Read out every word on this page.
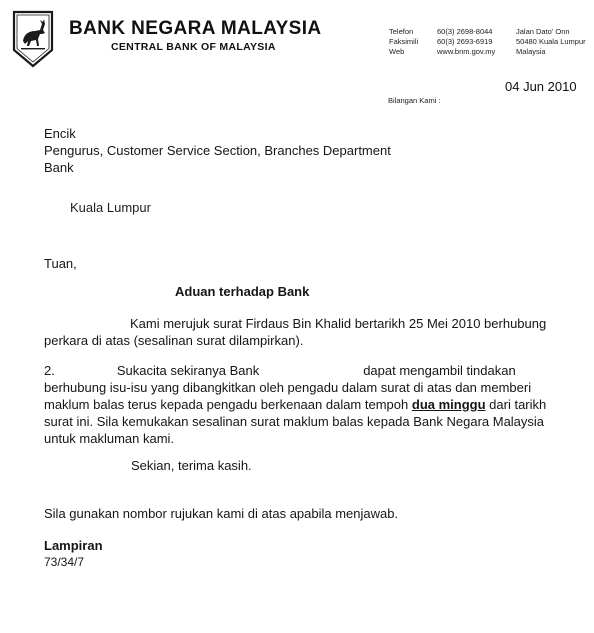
BANK NEGARA MALAYSIA
CENTRAL BANK OF MALAYSIA
Telefon
Faksimili
Web
60(3) 2698-8044
60(3) 2693-6919
www.bnm.gov.my
Jalan Dato' Onn
50480 Kuala Lumpur
Malaysia
04 Jun 2010
Bilangan Kami :
Encik
Pengurus, Customer Service Section, Branches Department
Bank
Kuala Lumpur
Tuan,
Aduan terhadap Bank
Kami merujuk surat Firdaus Bin Khalid bertarikh 25 Mei 2010 berhubung
perkara di atas (sesalinan surat dilampirkan).
2.	Sukacita sekiranya Bank	dapat mengambil tindakan
berhubung isu-isu yang dibangkitkan oleh pengadu dalam surat di atas dan memberi
maklum balas terus kepada pengadu berkenaan dalam tempoh dua minggu dari tarikh
surat ini. Sila kemukakan sesalinan surat maklum balas kepada Bank Negara Malaysia
untuk makluman kami.
Sekian, terima kasih.
Sila gunakan nombor rujukan kami di atas apabila menjawab.
Lampiran
73/34/7
